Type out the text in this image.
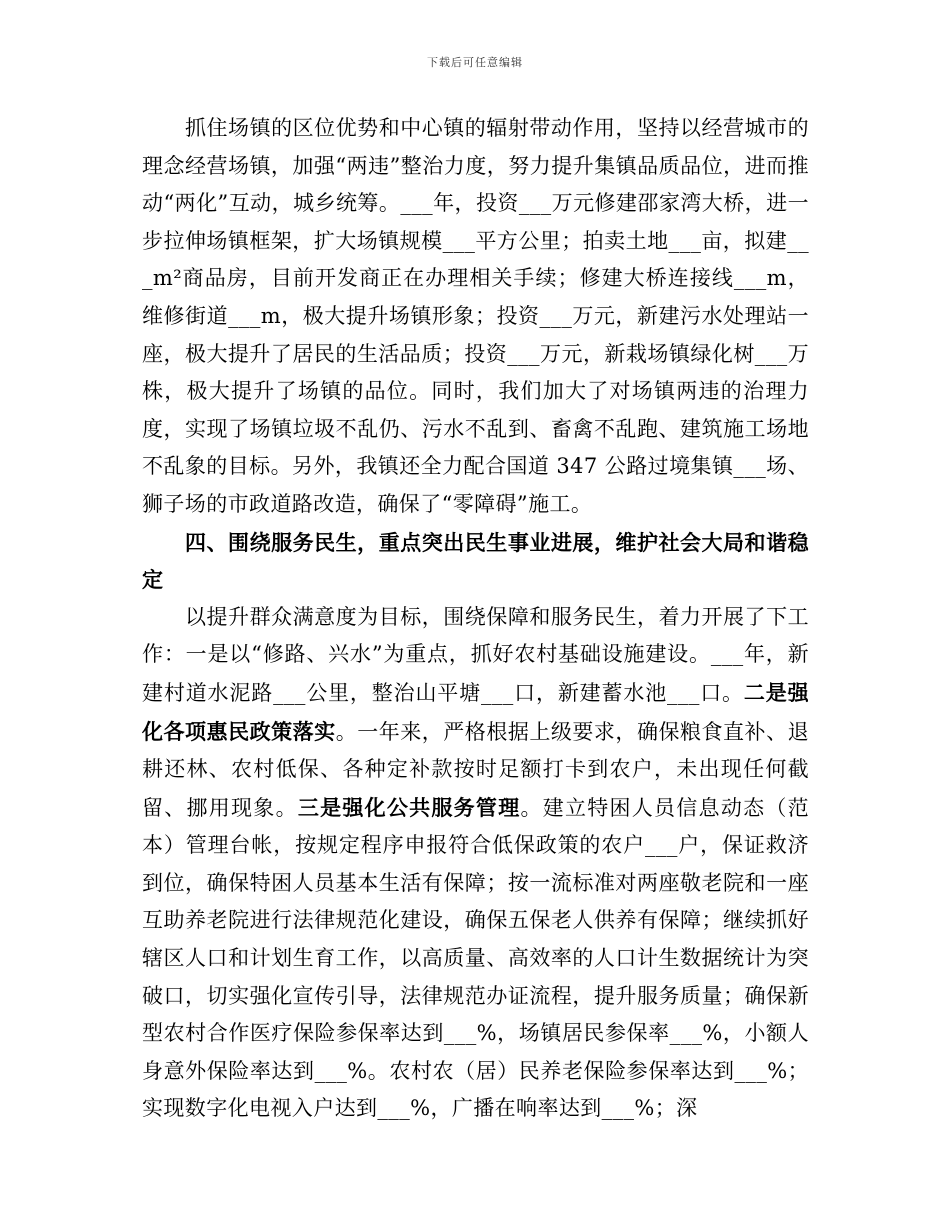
下载后可任意编辑

抓住场镇的区位优势和中心镇的辐射带动作用，坚持以经营城市的理念经营场镇，加强“两违”整治力度，努力提升集镇品质品位，进而推动“两化”互动，城乡统筹。___年，投资___万元修建邵家湾大桥，进一步拉伸场镇框架，扩大场镇规模___平方公里；拍卖土地___亩，拟建___m²商品房，目前开发商正在办理相关手续；修建大桥连接线___m，维修街道___m，极大提升场镇形象；投资___万元，新建污水处理站一座，极大提升了居民的生活品质；投资___万元，新栽场镇绿化树___万株，极大提升了场镇的品位。同时，我们加大了对场镇两违的治理力度，实现了场镇垃圾不乱仍、污水不乱到、畜禽不乱跑、建筑施工场地不乱象的目标。另外，我镇还全力配合国道 347 公路过境集镇___场、狮子场的市政道路改造，确保了“零障碍”施工。

四、围绕服务民生，重点突出民生事业进展，维护社会大局和谐稳定

以提升群众满意度为目标，围绕保障和服务民生，着力开展了下工作：一是以“修路、兴水”为重点，抓好农村基础设施建设。___年，新建村道水泥路___公里，整治山平塘___口，新建蓄水池___口。二是强化各项惠民政策落实。一年来，严格根据上级要求，确保粮食直补、退耕还林、农村低保、各种定补款按时足额打卡到农户，未出现任何截留、挪用现象。三是强化公共服务管理。建立特困人员信息动态（范本）管理台帐，按规定程序申报符合低保政策的农户___户，保证救济到位，确保特困人员基本生活有保障；按一流标准对两座敬老院和一座互助养老院进行法律规范化建设，确保五保老人供养有保障；继续抓好辖区人口和计划生育工作，以高质量、高效率的人口计生数据统计为突破口，切实强化宣传引导，法律规范办证流程，提升服务质量；确保新型农村合作医疗保险参保率达到___%，场镇居民参保率___%，小额人身意外保险率达到___%。农村农（居）民养老保险参保率达到___%；实现数字化电视入户达到___%，广播在响率达到___%；深
